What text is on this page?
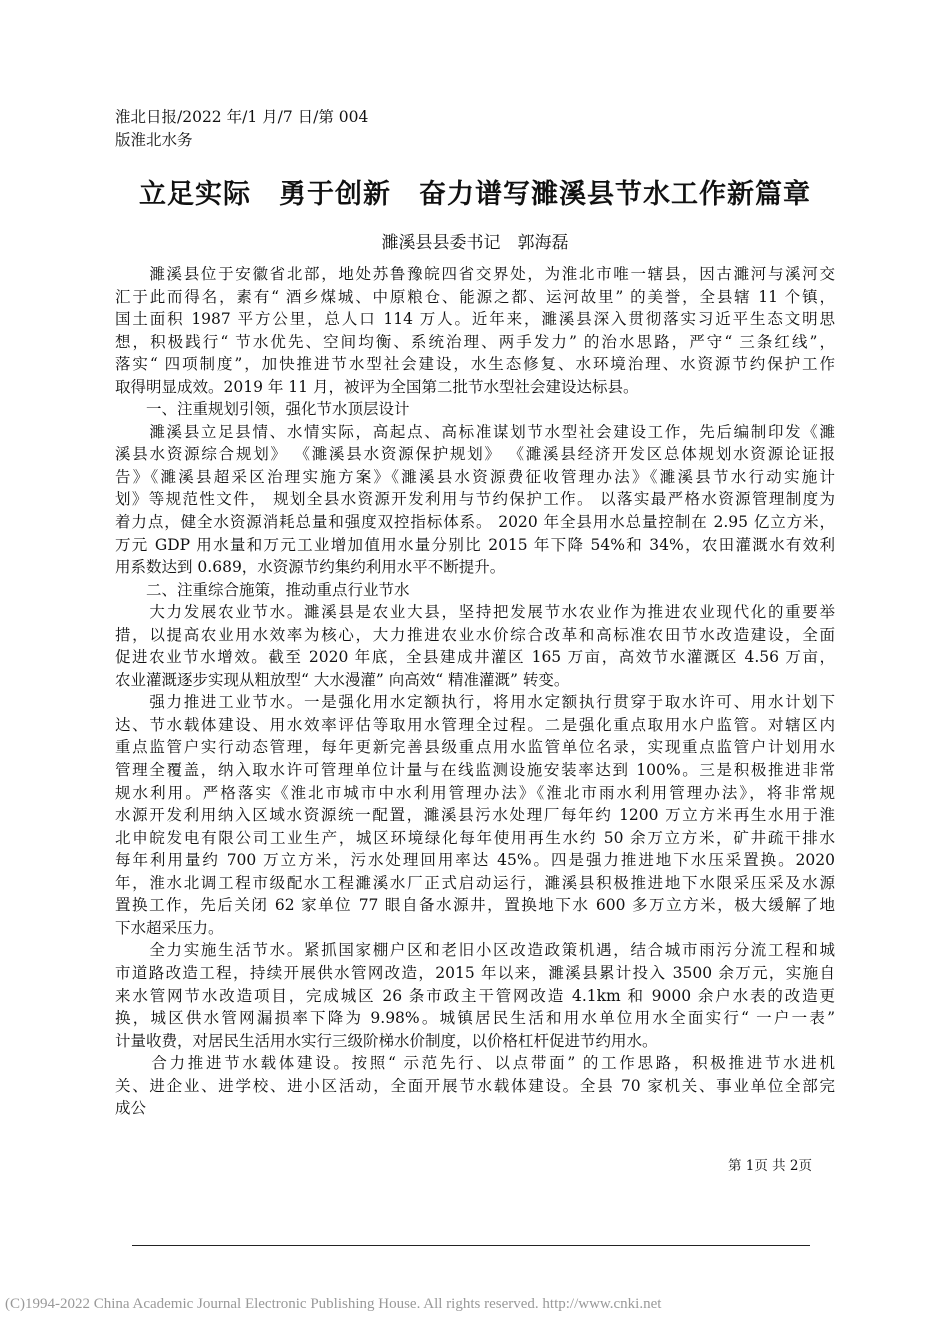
淮北日报/2022 年/1 月/7 日/第 004
版淮北水务
立足实际　勇于创新　奋力谱写濉溪县节水工作新篇章
濉溪县县委书记　郭海磊
　　濉溪县位于安徽省北部，地处苏鲁豫皖四省交界处，为淮北市唯一辖县，因古濉河与溪河交
汇于此而得名，素有“ 酒乡煤城、中原粮仓、能源之都、运河故里” 的美誉，全县辖 11 个镇，
国土面积 1987 平方公里，总人口 114 万人。近年来，濉溪县深入贯彻落实习近平生态文明思
想，积极践行“ 节水优先、空间均衡、系统治理、两手发力” 的治水思路，严守“ 三条红线”，
落实“ 四项制度”，加快推进节水型社会建设，水生态修复、水环境治理、水资源节约保护工作
取得明显成效。2019 年 11 月，被评为全国第二批节水型社会建设达标县。
　　一、注重规划引领，强化节水顶层设计
　　濉溪县立足县情、水情实际，高起点、高标准谋划节水型社会建设工作，先后编制印发《濉
溪县水资源综合规划》 《濉溪县水资源保护规划》 《濉溪县经济开发区总体规划水资源论证报
告》《濉溪县超采区治理实施方案》《濉溪县水资源费征收管理办法》《濉溪县节水行动实施计
划》等规范性文件， 规划全县水资源开发利用与节约保护工作。 以落实最严格水资源管理制度为
着力点，健全水资源消耗总量和强度双控指标体系。 2020 年全县用水总量控制在 2.95 亿立方米，
万元 GDP 用水量和万元工业增加值用水量分别比 2015 年下降 54%和 34%，农田灌溉水有效利
用系数达到 0.689，水资源节约集约利用水平不断提升。
　　二、注重综合施策，推动重点行业节水
　　大力发展农业节水。濉溪县是农业大县，坚持把发展节水农业作为推进农业现代化的重要举
措，以提高农业用水效率为核心，大力推进农业水价综合改革和高标准农田节水改造建设，全面
促进农业节水增效。截至 2020 年底，全县建成井灌区 165 万亩，高效节水灌溉区 4.56 万亩，
农业灌溉逐步实现从粗放型“ 大水漫灌” 向高效“ 精准灌溉” 转变。
　　强力推进工业节水。一是强化用水定额执行，将用水定额执行贯穿于取水许可、用水计划下
达、节水载体建设、用水效率评估等取用水管理全过程。二是强化重点取用水户监管。对辖区内
重点监管户实行动态管理，每年更新完善县级重点用水监管单位名录，实现重点监管户计划用水
管理全覆盖，纳入取水许可管理单位计量与在线监测设施安装率达到 100%。三是积极推进非常
规水利用。严格落实《淮北市城市中水利用管理办法》《淮北市雨水利用管理办法》，将非常规
水源开发利用纳入区域水资源统一配置，濉溪县污水处理厂每年约 1200 万立方米再生水用于淮
北申皖发电有限公司工业生产，城区环境绿化每年使用再生水约 50 余万立方米，矿井疏干排水
每年利用量约 700 万立方米，污水处理回用率达 45%。四是强力推进地下水压采置换。2020
年，淮水北调工程市级配水工程濉溪水厂正式启动运行，濉溪县积极推进地下水限采压采及水源
置换工作，先后关闭 62 家单位 77 眼自备水源井，置换地下水 600 多万立方米，极大缓解了地
下水超采压力。
　　全力实施生活节水。紧抓国家棚户区和老旧小区改造政策机遇，结合城市雨污分流工程和城
市道路改造工程，持续开展供水管网改造，2015 年以来，濉溪县累计投入 3500 余万元，实施自
来水管网节水改造项目，完成城区 26 条市政主干管网改造 4.1km 和 9000 余户水表的改造更
换，城区供水管网漏损率下降为 9.98%。城镇居民生活和用水单位用水全面实行“ 一户一表”
计量收费，对居民生活用水实行三级阶梯水价制度，以价格杠杆促进节约用水。
　　合力推进节水载体建设。按照“ 示范先行、以点带面” 的工作思路，积极推进节水进机
关、进企业、进学校、进小区活动，全面开展节水载体建设。全县 70 家机关、事业单位全部完
成公
第 1页 共 2页
(C)1994-2022 China Academic Journal Electronic Publishing House. All rights reserved. http://www.cnki.net
